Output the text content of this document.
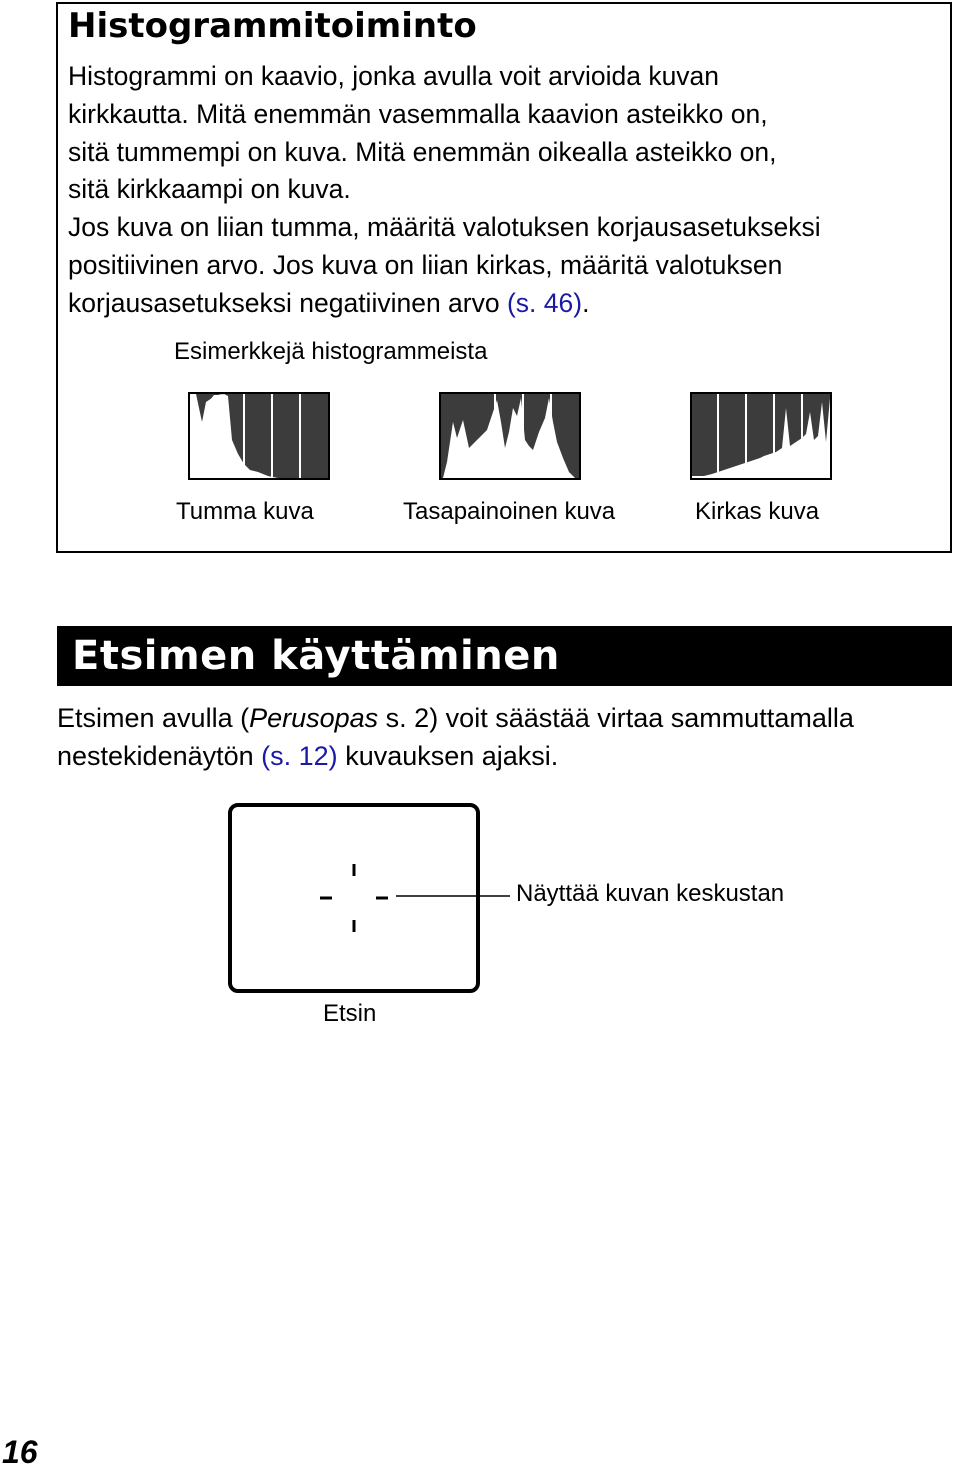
Histogrammitoiminto
Histogrammi on kaavio, jonka avulla voit arvioida kuvan
kirkkautta. Mitä enemmän vasemmalla kaavion asteikko on,
sitä tummempi on kuva. Mitä enemmän oikealla asteikko on,
sitä kirkkaampi on kuva.
Jos kuva on liian tumma, määritä valotuksen korjausasetukseksi
positiivinen arvo. Jos kuva on liian kirkas, määritä valotuksen
korjausasetukseksi negatiivinen arvo (s. 46).
Esimerkkejä histogrammeista
Tumma kuva	Tasapainoinen kuva	Kirkas kuva
Etsimen käyttäminen
Etsimen avulla (Perusopas s. 2) voit säästää virtaa sammuttamalla nestekidenäytön (s. 12) kuvauksen ajaksi.
Näyttää kuvan keskustan
Etsin
16
